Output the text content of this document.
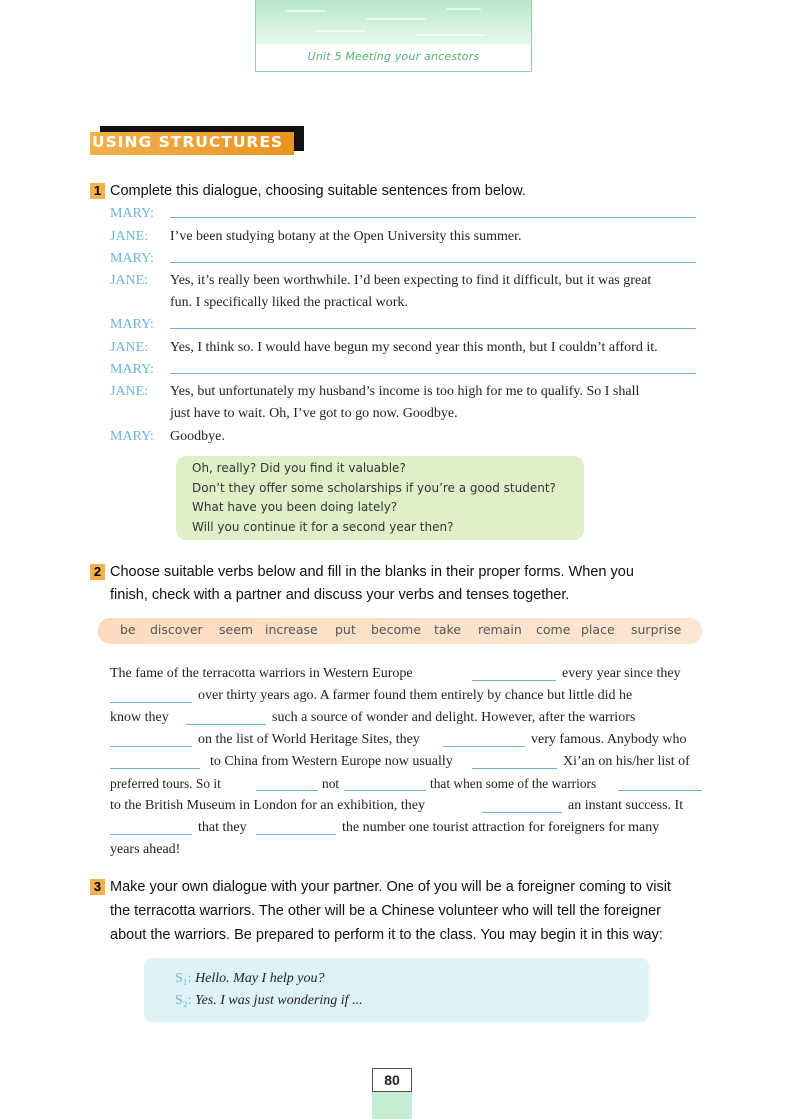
Unit 5 Meeting your ancestors
USING STRUCTURES
1 Complete this dialogue, choosing suitable sentences from below.
MARY:
JANE: I’ve been studying botany at the Open University this summer.
MARY:
JANE: Yes, it’s really been worthwhile. I’d been expecting to find it difficult, but it was great
fun. I specifically liked the practical work.
MARY:
JANE: Yes, I think so. I would have begun my second year this month, but I couldn’t afford it.
MARY:
JANE: Yes, but unfortunately my husband’s income is too high for me to qualify. So I shall
just have to wait. Oh, I’ve got to go now. Goodbye.
MARY: Goodbye.
Oh, really? Did you find it valuable?
Don’t they offer some scholarships if you’re a good student?
What have you been doing lately?
Will you continue it for a second year then?
2 Choose suitable verbs below and fill in the blanks in their proper forms. When you
finish, check with a partner and discuss your verbs and tenses together.
be discover seem increase put become take remain come place surprise
The fame of the terracotta warriors in Western Europe	every year since they
over thirty years ago. A farmer found them entirely by chance but little did he
know they	such a source of wonder and delight. However, after the warriors
on the list of World Heritage Sites, they	very famous. Anybody who
to China from Western Europe now usually	Xi’an on his/her list of
preferred tours. So it	not	that when some of the warriors
to the British Museum in London for an exhibition, they	an instant success. It
that they	the number one tourist attraction for foreigners for many
years ahead!
3 Make your own dialogue with your partner. One of you will be a foreigner coming to visit
the terracotta warriors. The other will be a Chinese volunteer who will tell the foreigner
about the warriors. Be prepared to perform it to the class. You may begin it in this way:
S₁: Hello. May I help you?
S₂: Yes. I was just wondering if ...
80
